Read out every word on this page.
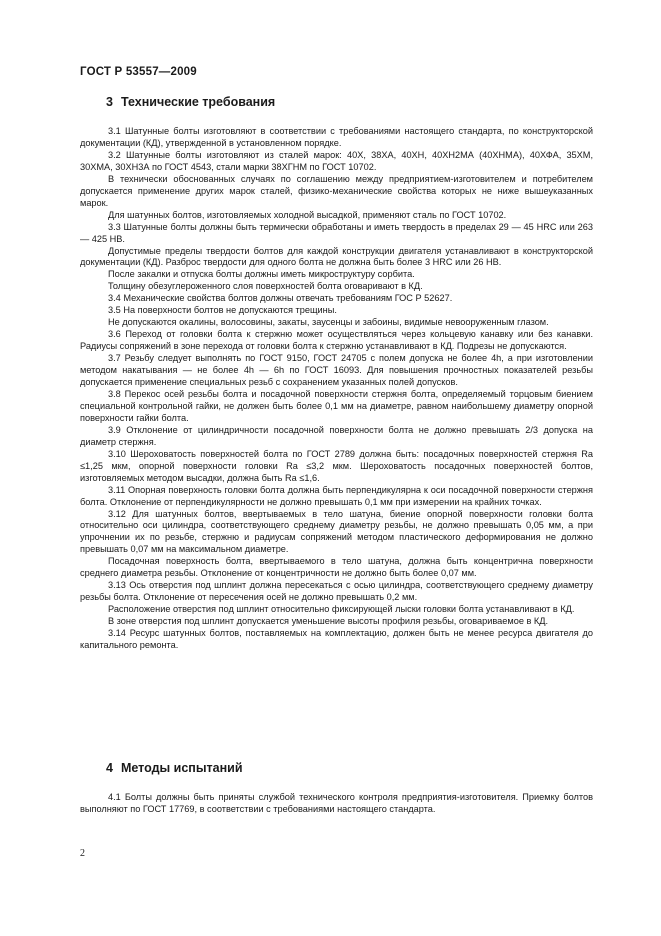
ГОСТ Р 53557—2009
3 Технические требования

3.1 Шатунные болты изготовляют в соответствии с требованиями настоящего стандарта, по конструкторской документации (КД), утвержденной в установленном порядке.

3.2 Шатунные болты изготовляют из сталей марок: 40Х, 38ХА, 40ХН, 40ХН2МА (40ХНМА), 40ХФА, 35ХМ, 30ХМА, 30ХН3А по ГОСТ 4543, стали марки 38ХГНМ по ГОСТ 10702.

В технически обоснованных случаях по соглашению между предприятием-изготовителем и потребителем допускается применение других марок сталей, физико-механические свойства которых не ниже вышеуказанных марок.

Для шатунных болтов, изготовляемых холодной высадкой, применяют сталь по ГОСТ 10702.

3.3 Шатунные болты должны быть термически обработаны и иметь твердость в пределах 29 — 45 HRC или 263 — 425 НВ.

Допустимые пределы твердости болтов для каждой конструкции двигателя устанавливают в конструкторской документации (КД). Разброс твердости для одного болта не должна быть более 3 HRC или 26 НВ.

После закалки и отпуска болты должны иметь микроструктуру сорбита.

Толщину обезуглероженного слоя поверхностей болта оговаривают в КД.

3.4 Механические свойства болтов должны отвечать требованиям ГОС Р 52627.

3.5 На поверхности болтов не допускаются трещины.

Не допускаются окалины, волосовины, закаты, заусенцы и забоины, видимые невооруженным глазом.

3.6 Переход от головки болта к стержню может осуществляться через кольцевую канавку или без канавки. Радиусы сопряжений в зоне перехода от головки болта к стержню устанавливают в КД. Подрезы не допускаются.

3.7 Резьбу следует выполнять по ГОСТ 9150, ГОСТ 24705 с полем допуска не более 4h, а при изготовлении методом накатывания — не более 4h — 6h по ГОСТ 16093. Для повышения прочностных показателей резьбы допускается применение специальных резьб с сохранением указанных полей допусков.

3.8 Перекос осей резьбы болта и посадочной поверхности стержня болта, определяемый торцовым биением специальной контрольной гайки, не должен быть более 0,1 мм на диаметре, равном наибольшему диаметру опорной поверхности гайки болта.

3.9 Отклонение от цилиндричности посадочной поверхности болта не должно превышать 2/3 допуска на диаметр стержня.

3.10 Шероховатость поверхностей болта по ГОСТ 2789 должна быть: посадочных поверхностей стержня Ra ≤1,25 мкм, опорной поверхности головки Ra ≤3,2 мкм. Шероховатость посадочных поверхностей болтов, изготовляемых методом высадки, должна быть Ra ≤1,6.

3.11 Опорная поверхность головки болта должна быть перпендикулярна к оси посадочной поверхности стержня болта. Отклонение от перпендикулярности не должно превышать 0,1 мм при измерении на крайних точках.

3.12 Для шатунных болтов, ввертываемых в тело шатуна, биение опорной поверхности головки болта относительно оси цилиндра, соответствующего среднему диаметру резьбы, не должно превышать 0,05 мм, а при упрочнении их по резьбе, стержню и радиусам сопряжений методом пластического деформирования не должно превышать 0,07 мм на максимальном диаметре.

Посадочная поверхность болта, ввертываемого в тело шатуна, должна быть концентрична поверхности среднего диаметра резьбы. Отклонение от концентричности не должно быть более 0,07 мм.

3.13 Ось отверстия под шплинт должна пересекаться с осью цилиндра, соответствующего среднему диаметру резьбы болта. Отклонение от пересечения осей не должно превышать 0,2 мм.

Расположение отверстия под шплинт относительно фиксирующей лыски головки болта устанавливают в КД.

В зоне отверстия под шплинт допускается уменьшение высоты профиля резьбы, оговариваемое в КД.

3.14 Ресурс шатунных болтов, поставляемых на комплектацию, должен быть не менее ресурса двигателя до капитального ремонта.

4 Методы испытаний

4.1 Болты должны быть приняты службой технического контроля предприятия-изготовителя. Приемку болтов выполняют по ГОСТ 17769, в соответствии с требованиями настоящего стандарта.

2
